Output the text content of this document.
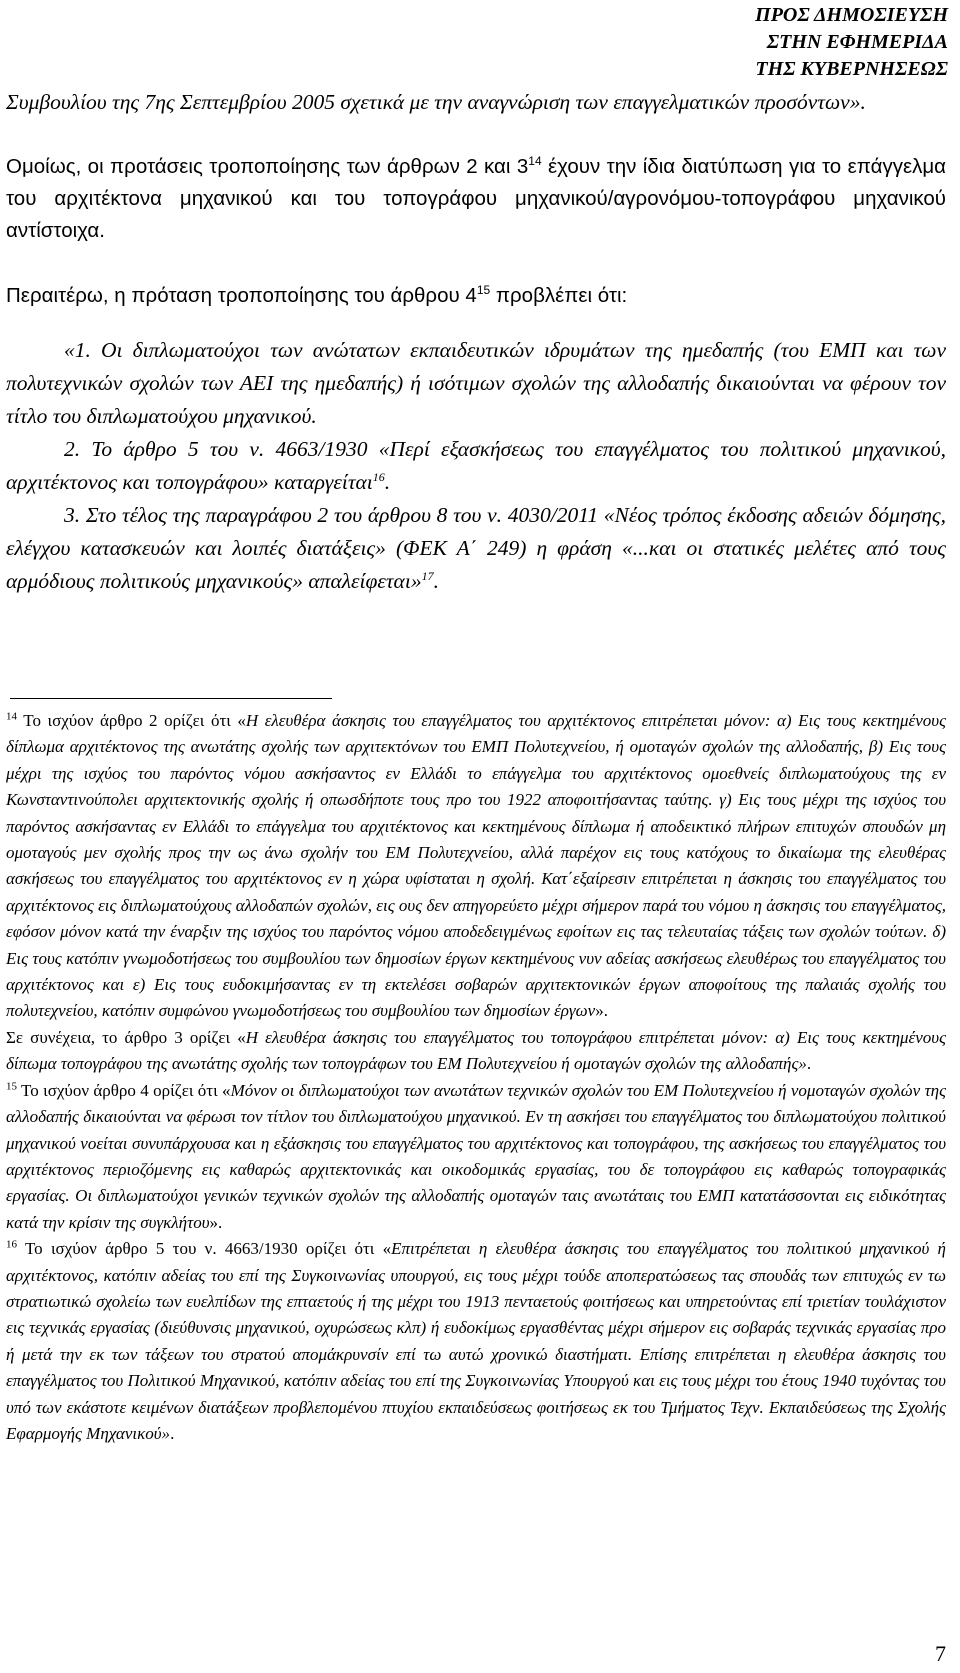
ΠΡΟΣ ΔΗΜΟΣΙΕΥΣΗ
ΣΤΗΝ ΕΦΗΜΕΡΙΔΑ
ΤΗΣ ΚΥΒΕΡΝΗΣΕΩΣ

Συμβουλίου της 7ης Σεπτεμβρίου 2005 σχετικά με την αναγνώριση των επαγγελματικών προσόντων».

Ομοίως, οι προτάσεις τροποποίησης των άρθρων 2 και $3^{14}$ έχουν την ίδια διατύπωση για το επάγγελμα του αρχιτέκτονα μηχανικού και του τοπογράφου μηχανικού/αγρονόμου-τοπογράφου μηχανικού αντίστοιχα.

Περαιτέρω, η πρόταση τροποποίησης του άρθρου $4^{15}$ προβλέπει ότι:

«1. Οι διπλωματούχοι των ανώτατων εκπαιδευτικών ιδρυμάτων της ημεδαπής (του ΕΜΠ και των πολυτεχνικών σχολών των ΑΕΙ της ημεδαπής) ή ισότιμων σχολών της αλλοδαπής δικαιούνται να φέρουν τον τίτλο του διπλωματούχου μηχανικού.

2. Το άρθρο 5 του ν. 4663/1930 «Περί εξασκήσεως του επαγγέλματος του πολιτικού μηχανικού, αρχιτέκτονος και τοπογράφου» καταργείται$^{16}$.

3. Στο τέλος της παραγράφου 2 του άρθρου 8 του ν. 4030/2011 «Νέος τρόπος έκδοσης αδειών δόμησης, ελέγχου κατασκευών και λοιπές διατάξεις» (ΦΕΚ Α΄ 249) η φράση «...και οι στατικές μελέτες από τους αρμόδιους πολιτικούς μηχανικούς» απαλείφεται»$^{17}$.

$^{14}$ Το ισχύον άρθρο 2 ορίζει ότι «Η ελευθέρα άσκησις του επαγγέλματος του αρχιτέκτονος επιτρέπεται μόνον: α) Εις τους κεκτημένους δίπλωμα αρχιτέκτονος της ανωτάτης σχολής των αρχιτεκτόνων του ΕΜΠ Πολυτεχνείου, ή ομοταγών σχολών της αλλοδαπής, β) Εις τους μέχρι της ισχύος του παρόντος νόμου ασκήσαντος εν Ελλάδι το επάγγελμα του αρχιτέκτονος ομοεθνείς διπλωματούχους της εν Κωνσταντινούπολει αρχιτεκτονικής σχολής ή οπωσδήποτε τους προ του 1922 αποφοιτήσαντας ταύτης. γ) Εις τους μέχρι της ισχύος του παρόντος ασκήσαντας εν Ελλάδι το επάγγελμα του αρχιτέκτονος και κεκτημένους δίπλωμα ή αποδεικτικό πλήρων επιτυχών σπουδών μη ομοταγούς μεν σχολής προς την ως άνω σχολήν του ΕΜ Πολυτεχνείου, αλλά παρέχον εις τους κατόχους το δικαίωμα της ελευθέρας ασκήσεως του επαγγέλματος του αρχιτέκτονος εν η χώρα υφίσταται η σχολή. Κατ΄εξαίρεσιν επιτρέπεται η άσκησις του επαγγέλματος του αρχιτέκτονος εις διπλωματούχους αλλοδαπών σχολών, εις ους δεν απηγορεύετο μέχρι σήμερον παρά του νόμου η άσκησις του επαγγέλματος, εφόσον μόνον κατά την έναρξιν της ισχύος του παρόντος νόμου αποδεδειγμένως εφοίτων εις τας τελευταίας τάξεις των σχολών τούτων. δ) Εις τους κατόπιν γνωμοδοτήσεως του συμβουλίου των δημοσίων έργων κεκτημένους νυν αδείας ασκήσεως ελευθέρως του επαγγέλματος του αρχιτέκτονος και ε) Εις τους ευδοκιμήσαντας εν τη εκτελέσει σοβαρών αρχιτεκτονικών έργων αποφοίτους της παλαιάς σχολής του πολυτεχνείου, κατόπιν συμφώνου γνωμοδοτήσεως του συμβουλίου των δημοσίων έργων».

Σε συνέχεια, το άρθρο 3 ορίζει «Η ελευθέρα άσκησις του επαγγέλματος του τοπογράφου επιτρέπεται μόνον: α) Εις τους κεκτημένους δίπωμα τοπογράφου της ανωτάτης σχολής των τοπογράφων του ΕΜ Πολυτεχνείου ή ομοταγών σχολών της αλλοδαπής».

$^{15}$ Το ισχύον άρθρο 4 ορίζει ότι «Μόνον οι διπλωματούχοι των ανωτάτων τεχνικών σχολών του ΕΜ Πολυτεχνείου ή νομοταγών σχολών της αλλοδαπής δικαιούνται να φέρωσι τον τίτλον του διπλωματούχου μηχανικού. Εν τη ασκήσει του επαγγέλματος του διπλωματούχου πολιτικού μηχανικού νοείται συνυπάρχουσα και η εξάσκησις του επαγγέλματος του αρχιτέκτονος και τοπογράφου, της ασκήσεως του επαγγέλματος του αρχιτέκτονος περιοζόμενης εις καθαρώς αρχιτεκτονικάς και οικοδομικάς εργασίας, του δε τοπογράφου εις καθαρώς τοπογραφικάς εργασίας. Οι διπλωματούχοι γενικών τεχνικών σχολών της αλλοδαπής ομοταγών ταις ανωτάταις του ΕΜΠ κατατάσσονται εις ειδικότητας κατά την κρίσιν της συγκλήτου».

$^{16}$ Το ισχύον άρθρο 5 του ν. 4663/1930 ορίζει ότι «Επιτρέπεται η ελευθέρα άσκησις του επαγγέλματος του πολιτικού μηχανικού ή αρχιτέκτονος, κατόπιν αδείας του επί της Συγκοινωνίας υπουργού, εις τους μέχρι τούδε αποπερατώσεως τας σπουδάς των επιτυχώς εν τω στρατιωτικώ σχολείω των ευελπίδων της επταετούς ή της μέχρι του 1913 πενταετούς φοιτήσεως και υπηρετούντας επί τριετίαν τουλάχιστον εις τεχνικάς εργασίας (διεύθυνσις μηχανικού, οχυρώσεως κλπ) ή ευδοκίμως εργασθέντας μέχρι σήμερον εις σοβαράς τεχνικάς εργασίας προ ή μετά την εκ των τάξεων του στρατού απομάκρυνσίν επί τω αυτώ χρονικώ διαστήματι. Επίσης επιτρέπεται η ελευθέρα άσκησις του επαγγέλματος του Πολιτικού Μηχανικού, κατόπιν αδείας του επί της Συγκοινωνίας Υπουργού και εις τους μέχρι του έτους 1940 τυχόντας του υπό των εκάστοτε κειμένων διατάξεων προβλεπομένου πτυχίου εκπαιδεύσεως φοιτήσεως εκ του Τμήματος Τεχν. Εκπαιδεύσεως της Σχολής Εφαρμογής Μηχανικού».

7
